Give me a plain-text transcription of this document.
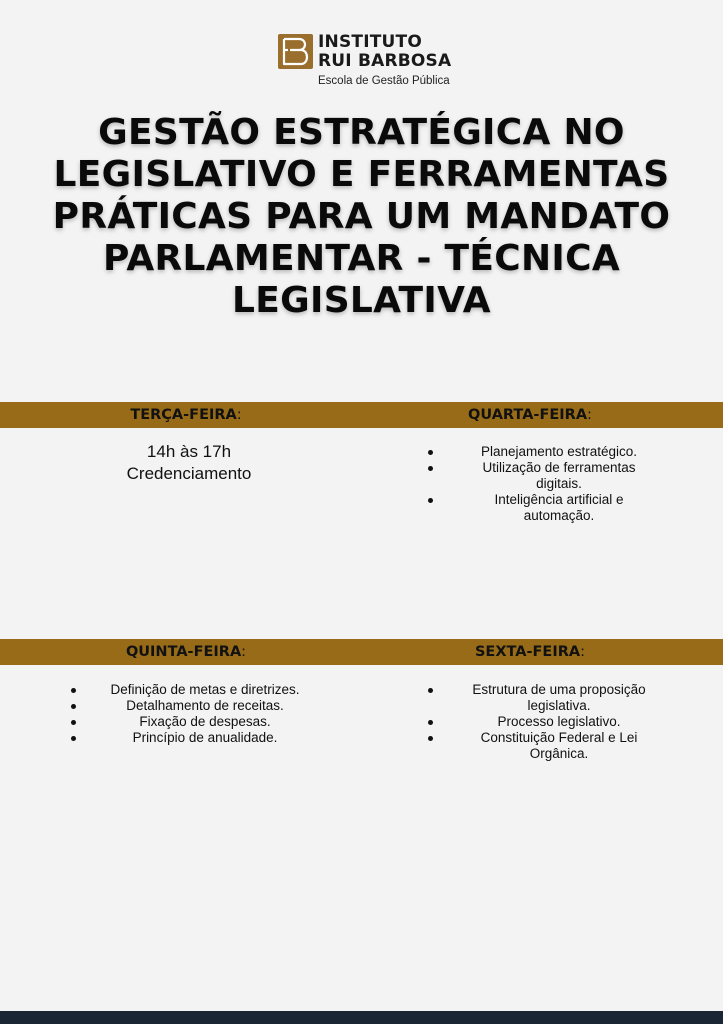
INSTITUTO
RUI BARBOSA
Escola de Gestão Pública
GESTÃO ESTRATÉGICA NO
LEGISLATIVO E FERRAMENTAS
PRÁTICAS PARA UM MANDATO
PARLAMENTAR - TÉCNICA
LEGISLATIVA
TERÇA-FEIRA:	QUARTA-FEIRA:
14h às 17h
Credenciamento
Planejamento estratégico.
Utilização de ferramentas
digitais.
Inteligência artificial e
automação.
QUINTA-FEIRA:	SEXTA-FEIRA:
Definição de metas e diretrizes.
Detalhamento de receitas.
Fixação de despesas.
Princípio de anualidade.
Estrutura de uma proposição
legislativa.
Processo legislativo.
Constituição Federal e Lei
Orgânica.
